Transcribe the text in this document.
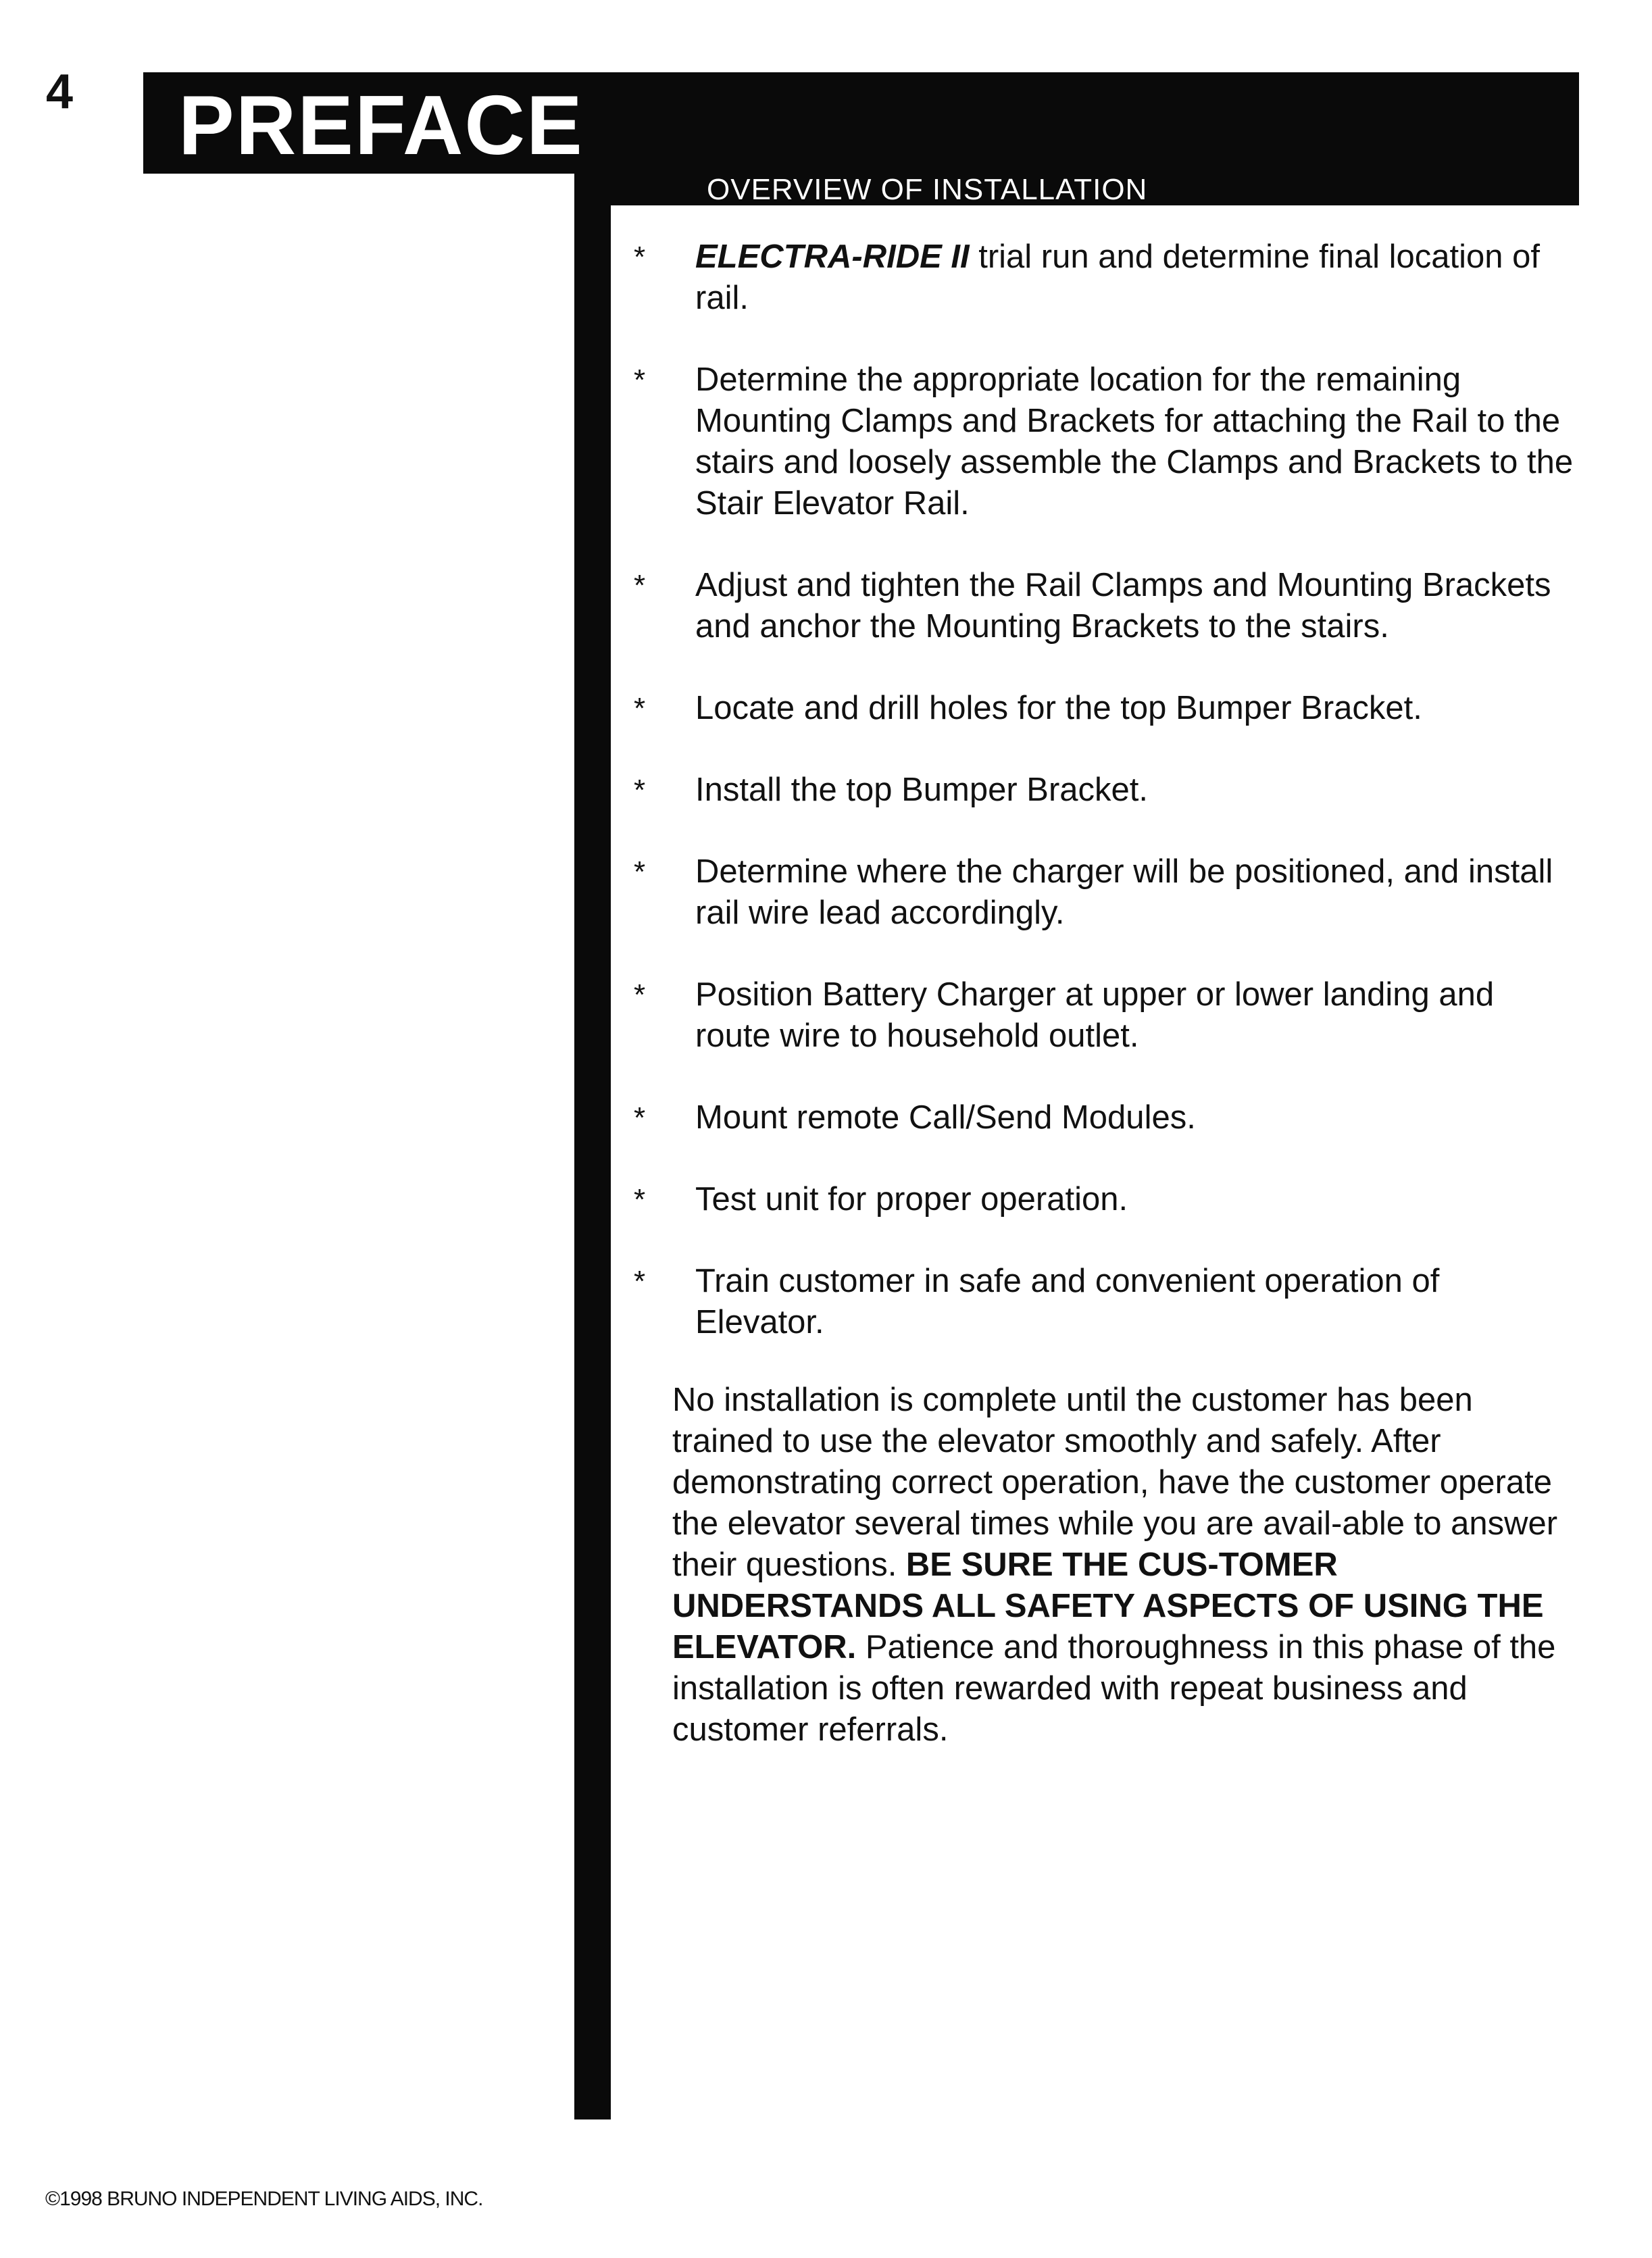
4 PREFACE
OVERVIEW OF INSTALLATION
* ELECTRA-RIDE II trial run and determine final location of rail.
* Determine the appropriate location for the remaining Mounting Clamps and Brackets for attaching the Rail to the stairs and loosely assemble the Clamps and Brackets to the Stair Elevator Rail.
* Adjust and tighten the Rail Clamps and Mounting Brackets and anchor the Mounting Brackets to the stairs.
* Locate and drill holes for the top Bumper Bracket.
* Install the top Bumper Bracket.
* Determine where the charger will be positioned, and install rail wire lead accordingly.
* Position Battery Charger at upper or lower landing and route wire to household outlet.
* Mount remote Call/Send Modules.
* Test unit for proper operation.
* Train customer in safe and convenient operation of Elevator.

No installation is complete until the customer has been trained to use the elevator smoothly and safely. After demonstrating correct operation, have the customer operate the elevator several times while you are avail-able to answer their questions. BE SURE THE CUS-TOMER UNDERSTANDS ALL SAFETY ASPECTS OF USING THE ELEVATOR. Patience and thoroughness in this phase of the installation is often rewarded with repeat business and customer referrals.

©1998 BRUNO INDEPENDENT LIVING AIDS, INC.
